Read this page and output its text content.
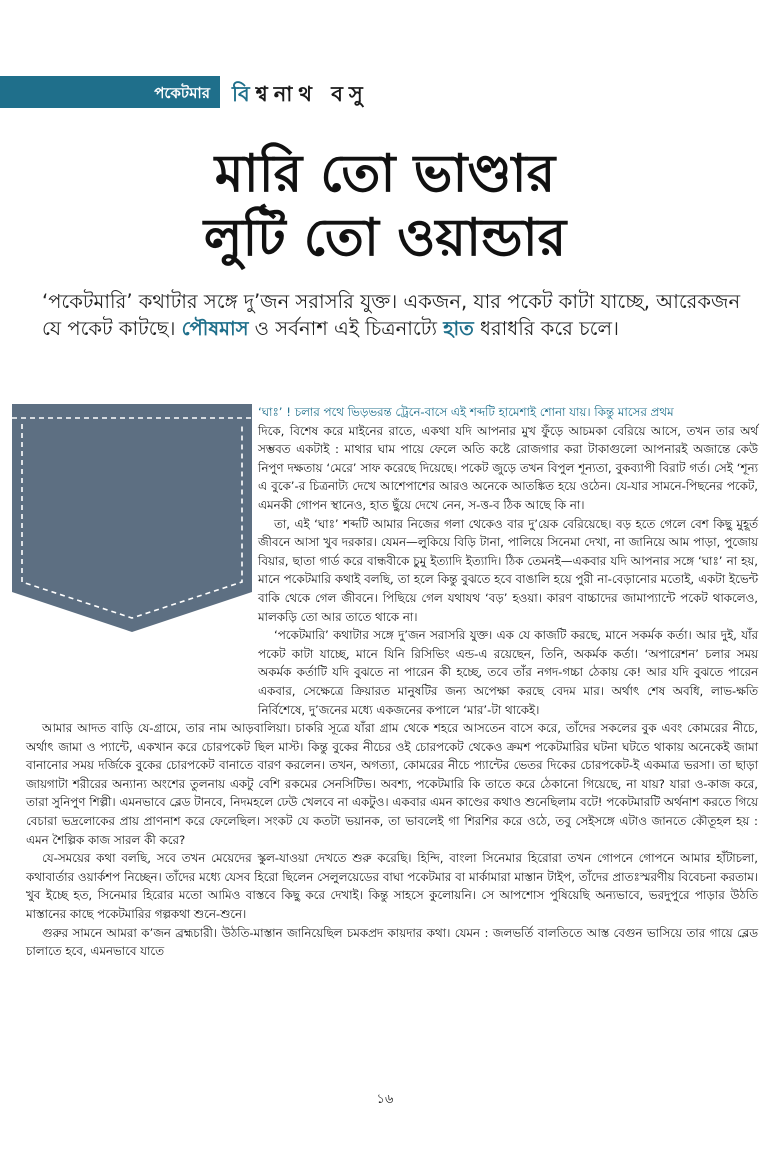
পকেটমার বিশ্বনাথ বসু
মারি তো ভাণ্ডার
লুটি তো ওয়ান্ডার
‘পকেটমারি’ কথাটার সঙ্গে দু’জন সরাসরি যুক্ত। একজন, যার পকেট কাটা যাচ্ছে, আরেকজন যে পকেট কাটছে। পৌষমাস ও সর্বনাশ এই চিত্রনাট্যে হাত ধরাধরি করে চলে।

‘ঘাঃ’ ! চলার পথে ভিড়ভরন্ত ট্রেনে-বাসে এই শব্দটি হামেশাই শোনা যায়। কিন্তু মাসের প্রথম

দিকে, বিশেষ করে মাইনের রাতে, একথা যদি আপনার মুখ ফুঁড়ে আচমকা বেরিয়ে আসে, তখন তার অর্থ সম্ভবত একটাই : মাথার ঘাম পায়ে ফেলে অতি কষ্টে রোজগার করা টাকাগুলো আপনারই অজান্তে কেউ নিপুণ দক্ষতায় ‘মেরে’ সাফ করেছে দিয়েছে। পকেট জুড়ে তখন বিপুল শূন্যতা, বুকব্যাপী বিরাট গর্ত। সেই ‘শূন্য এ বুকে’-র চিত্রনাট্য দেখে আশেপাশের আরও অনেকে আতঙ্কিত হয়ে ওঠেন। যে-যার সামনে-পিছনের পকেট, এমনকী গোপন স্থানেও, হাত ছুঁয়ে দেখে নেন, স-ত্ত-ব ঠিক আছে কি না।

তা, এই ‘ঘাঃ’ শব্দটি আমার নিজের গলা থেকেও বার দু’য়েক বেরিয়েছে। বড় হতে গেলে বেশ কিছু মুহূর্ত জীবনে আসা খুব দরকার। যেমন—লুকিয়ে বিড়ি টানা, পালিয়ে সিনেমা দেখা, না জানিয়ে আম পাড়া, পুজোয় বিয়ার, ছাতা গার্ড করে বান্ধবীকে চুমু ইত্যাদি ইত্যাদি। ঠিক তেমনই—একবার যদি আপনার সঙ্গে ‘ঘাঃ’ না হয়, মানে পকেটমারি কথাই বলছি, তা হলে কিন্তু বুঝতে হবে বাঙালি হয়ে পুরী না-বেড়ানোর মতোই, একটা ইভেন্ট বাকি থেকে গেল জীবনে। পিছিয়ে গেল যথাযথ ‘বড়’ হওয়া। কারণ বাচ্চাদের জামাপ্যান্টে পকেট থাকলেও, মালকড়ি তো আর তাতে থাকে না।

‘পকেটমারি’ কথাটার সঙ্গে দু’জন সরাসরি যুক্ত। এক যে কাজটি করছে, মানে সকর্মক কর্তা। আর দুই, যাঁর পকেট কাটা যাচ্ছে, মানে যিনি রিসিভিং এন্ড-এ রয়েছেন, তিনি, অকর্মক কর্তা। ‘অপারেশন’ চলার সময় অকর্মক কর্তাটি যদি বুঝতে না পারেন কী হচ্ছে, তবে তাঁর নগদ-গচ্চা ঠেকায় কে! আর যদি বুঝতে পারেন একবার, সেক্ষেত্রে ক্রিয়ারত মানুষটির জন্য অপেক্ষা করছে বেদম মার। অর্থাৎ শেষ অবধি, লাভ-ক্ষতি নির্বিশেষে, দু’জনের মধ্যে একজনের কপালে ‘মার’-টা থাকেই।

আমার আদত বাড়ি যে-গ্রামে, তার নাম আড়বালিয়া। চাকরি সূত্রে যাঁরা গ্রাম থেকে শহরে আসতেন বাসে করে, তাঁদের সকলের বুক এবং কোমরের নীচে, অর্থাৎ জামা ও প্যান্টে, একখান করে চোরপকেট ছিল মাস্ট। কিন্তু বুকের নীচের ওই চোরপকেট থেকেও ক্রমশ পকেটমারির ঘটনা ঘটতে থাকায় অনেকেই জামা বানানোর সময় দর্জিকে বুকের চোরপকেট বানাতে বারণ করলেন। তখন, অগত্যা, কোমরের নীচে প্যান্টের ভেতর দিকের চোরপকেট-ই একমাত্র ভরসা। তা ছাড়া জায়গাটা শরীরের অন্যান্য অংশের তুলনায় একটু বেশি রকমের সেনসিটিভ। অবশ্য, পকেটমারি কি তাতে করে ঠেকানো গিয়েছে, না যায়? যারা ও-কাজ করে, তারা সুনিপুণ শিল্পী। এমনভাবে ব্লেড টানবে, নিদমহলে ঢেউ খেলবে না একটুও। একবার এমন কাণ্ডের কথাও শুনেছিলাম বটে! পকেটমারটি অর্থনাশ করতে গিয়ে বেচারা ভদ্রলোকের প্রায় প্রাণনাশ করে ফেলেছিল। সংকট যে কতটা ভয়ানক, তা ভাবলেই গা শিরশির করে ওঠে, তবু সেইসঙ্গে এটাও জানতে কৌতূহল হয় : এমন শৈল্পিক কাজ সারল কী করে?

যে-সময়ের কথা বলছি, সবে তখন মেয়েদের স্কুল-যাওয়া দেখতে শুরু করেছি। হিন্দি, বাংলা সিনেমার হিরোরা তখন গোপনে গোপনে আমার হাঁটাচলা, কথাবার্তার ওয়ার্কশপ নিচ্ছেন। তাঁদের মধ্যে যেসব হিরো ছিলেন সেলুলয়েডের বাঘা পকেটমার বা মার্কামারা মাস্তান টাইপ, তাঁদের প্রাতঃস্মরণীয় বিবেচনা করতাম। খুব ইচ্ছে হত, সিনেমার হিরোর মতো আমিও বাস্তবে কিছু করে দেখাই। কিন্তু সাহসে কুলোয়নি। সে আপশোস পুষিয়েছি অন্যভাবে, ভরদুপুরে পাড়ার উঠতি মাস্তানের কাছে পকেটমারির গল্পকথা শুনে-শুনে।

গুরুর সামনে আমরা ক’জন ব্রহ্মচারী। উঠতি-মাস্তান জানিয়েছিল চমকপ্রদ কায়দার কথা। যেমন : জলভর্তি বালতিতে আস্ত বেগুন ভাসিয়ে তার গায়ে ব্লেড চালাতে হবে, এমনভাবে যাতে

১৬
